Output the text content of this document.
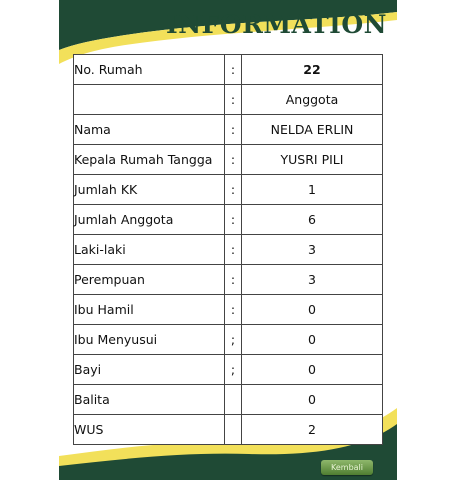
INFORMATION
No. Rumah	:	22
	:	Anggota
Nama	:	NELDA ERLIN
Kepala Rumah Tangga	:	YUSRI PILI
Jumlah KK	:	1
Jumlah Anggota	:	6
Laki-laki	:	3
Perempuan	:	3
Ibu Hamil	:	0
Ibu Menyusui	;	0
Bayi	;	0
Balita		0
WUS		2
Kembali
